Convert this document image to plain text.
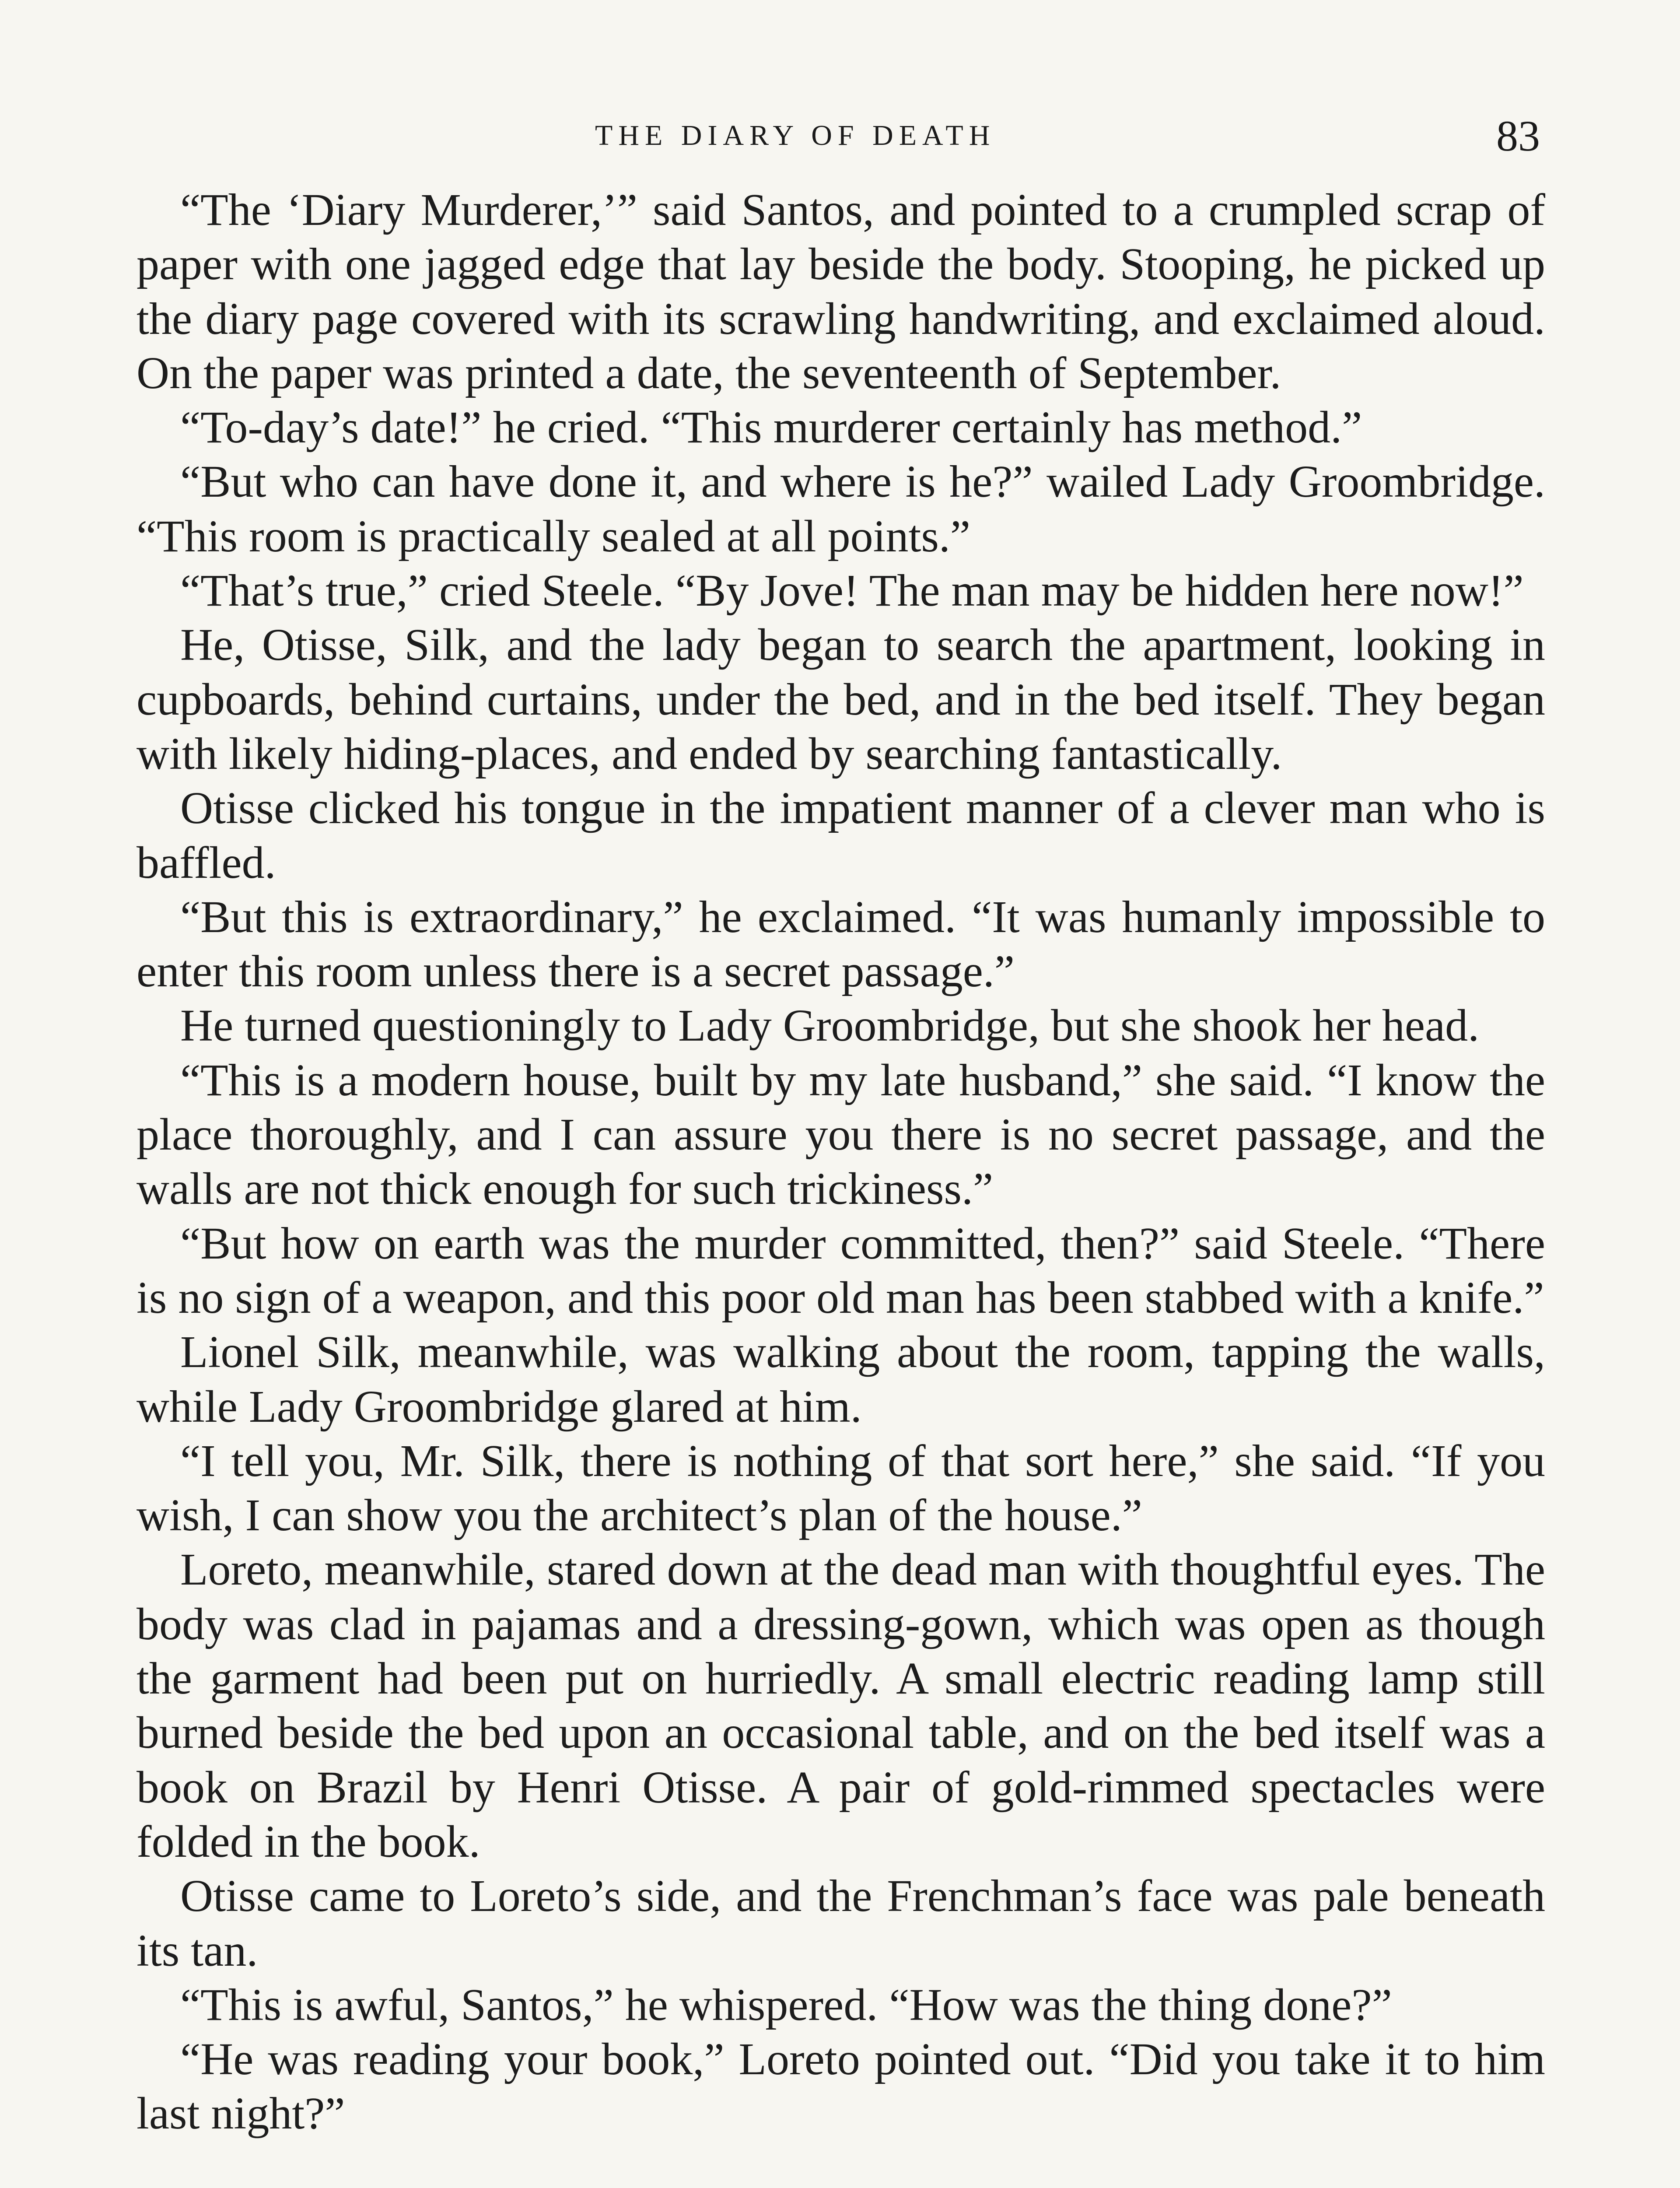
THE DIARY OF DEATH	83

“The ‘Diary Murderer,’” said Santos, and pointed to a crumpled scrap of paper with one jagged edge that lay beside the body. Stooping, he picked up the diary page covered with its scrawling handwriting, and exclaimed aloud. On the paper was printed a date, the seventeenth of September.

“To-day’s date!” he cried. “This murderer certainly has method.”

“But who can have done it, and where is he?” wailed Lady Groombridge. “This room is practically sealed at all points.”

“That’s true,” cried Steele. “By Jove! The man may be hidden here now!”

He, Otisse, Silk, and the lady began to search the apartment, looking in cupboards, behind curtains, under the bed, and in the bed itself. They began with likely hiding-places, and ended by searching fantastically.

Otisse clicked his tongue in the impatient manner of a clever man who is baffled.

“But this is extraordinary,” he exclaimed. “It was humanly impossible to enter this room unless there is a secret passage.”

He turned questioningly to Lady Groombridge, but she shook her head.

“This is a modern house, built by my late husband,” she said. “I know the place thoroughly, and I can assure you there is no secret passage, and the walls are not thick enough for such trickiness.”

“But how on earth was the murder committed, then?” said Steele. “There is no sign of a weapon, and this poor old man has been stabbed with a knife.”

Lionel Silk, meanwhile, was walking about the room, tapping the walls, while Lady Groombridge glared at him.

“I tell you, Mr. Silk, there is nothing of that sort here,” she said. “If you wish, I can show you the architect’s plan of the house.”

Loreto, meanwhile, stared down at the dead man with thoughtful eyes. The body was clad in pajamas and a dressing-gown, which was open as though the garment had been put on hurriedly. A small electric reading lamp still burned beside the bed upon an occasional table, and on the bed itself was a book on Brazil by Henri Otisse. A pair of gold-rimmed spectacles were folded in the book.

Otisse came to Loreto’s side, and the Frenchman’s face was pale beneath its tan.

“This is awful, Santos,” he whispered. “How was the thing done?”

“He was reading your book,” Loreto pointed out. “Did you take it to him last night?”
